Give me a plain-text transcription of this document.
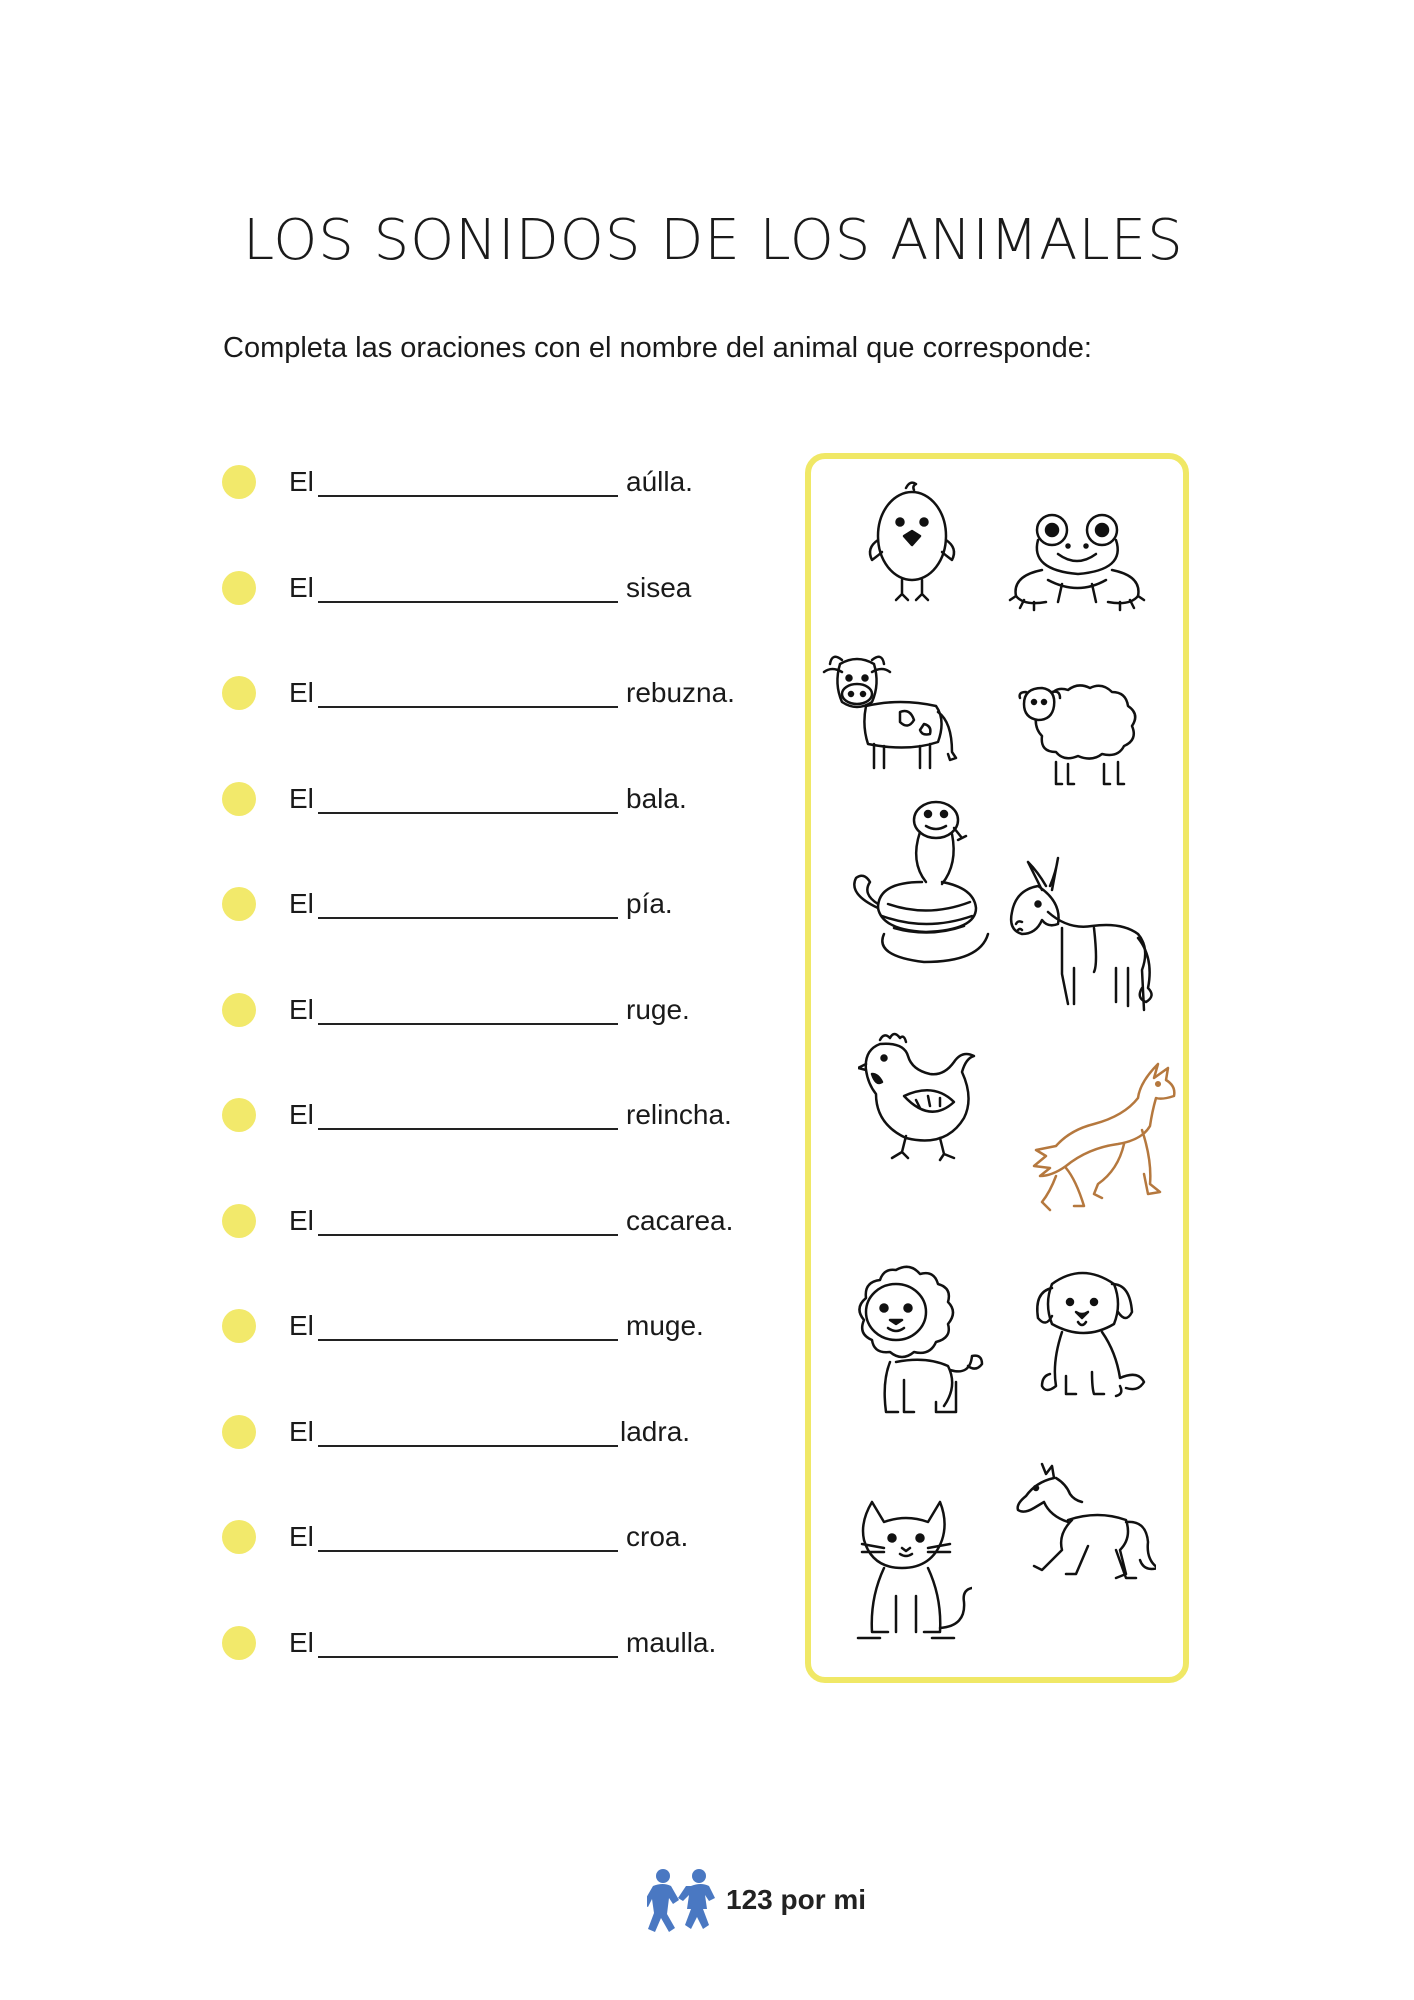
LOS SONIDOS DE LOS ANIMALES
Completa las oraciones con el nombre del animal que corresponde:
El	aúlla.
El	sisea
El	rebuzna.
El	bala.
El	pía.
El	ruge.
El	relincha.
El	cacarea.
El	muge.
El	ladra.
El	croa.
El	maulla.
123 por mi
